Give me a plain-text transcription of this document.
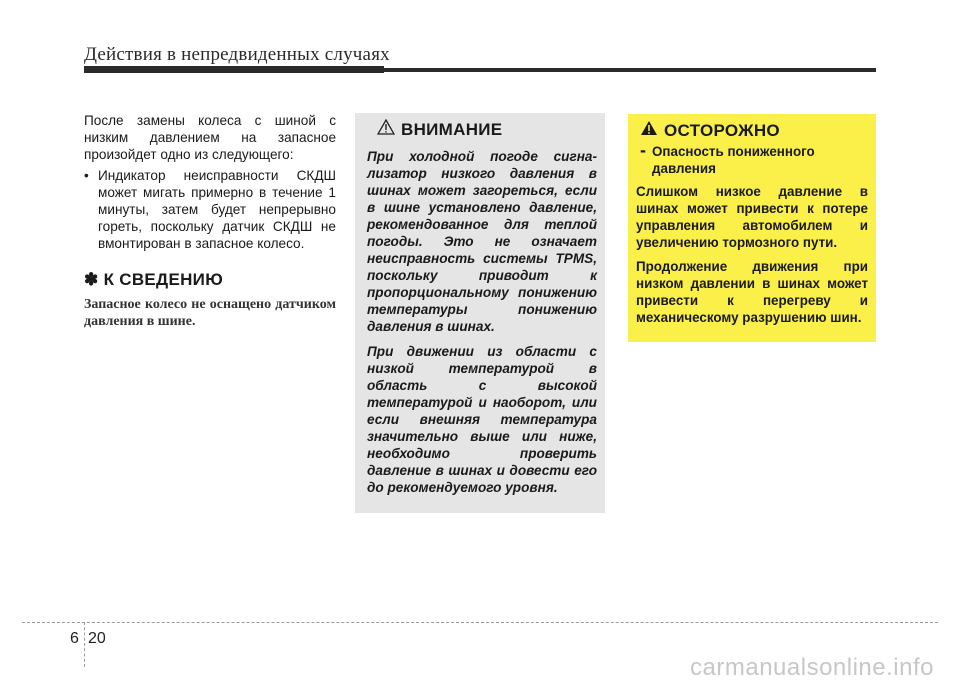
Действия в непредвиденных случаях

После замены колеса с шиной с низким давлением на запасное произойдет одно из следующего:

• Индикатор неисправности СКДШ может мигать примерно в течение 1 минуты, затем будет непрерывно гореть, поскольку датчик СКДШ не вмонтирован в запасное колесо.
✽ К СВЕДЕНИЮ
Запасное колесо не оснащено датчиком давления в шине.
ВНИМАНИЕ

При холодной погоде сигна-лизатор низкого давления в шинах может загореться, если в шине установлено давление, рекомендованное для теплой погоды. Это не означает неисправность системы TPMS, поскольку приводит к пропорциональному понижению температуры понижению давления в шинах.

При движении из области с низкой температурой в область с высокой температурой и наоборот, или если внешняя температура значительно выше или ниже, необходимо проверить давление в шинах и довести его до рекомендуемого уровня.

ОСТОРОЖНО
- Опасность пониженного давления

Слишком низкое давление в шинах может привести к потере управления автомобилем и увеличению тормозного пути.

Продолжение движения при низком давлении в шинах может привести к перегреву и механическому разрушению шин.

6 20
carmanualsonline.info
